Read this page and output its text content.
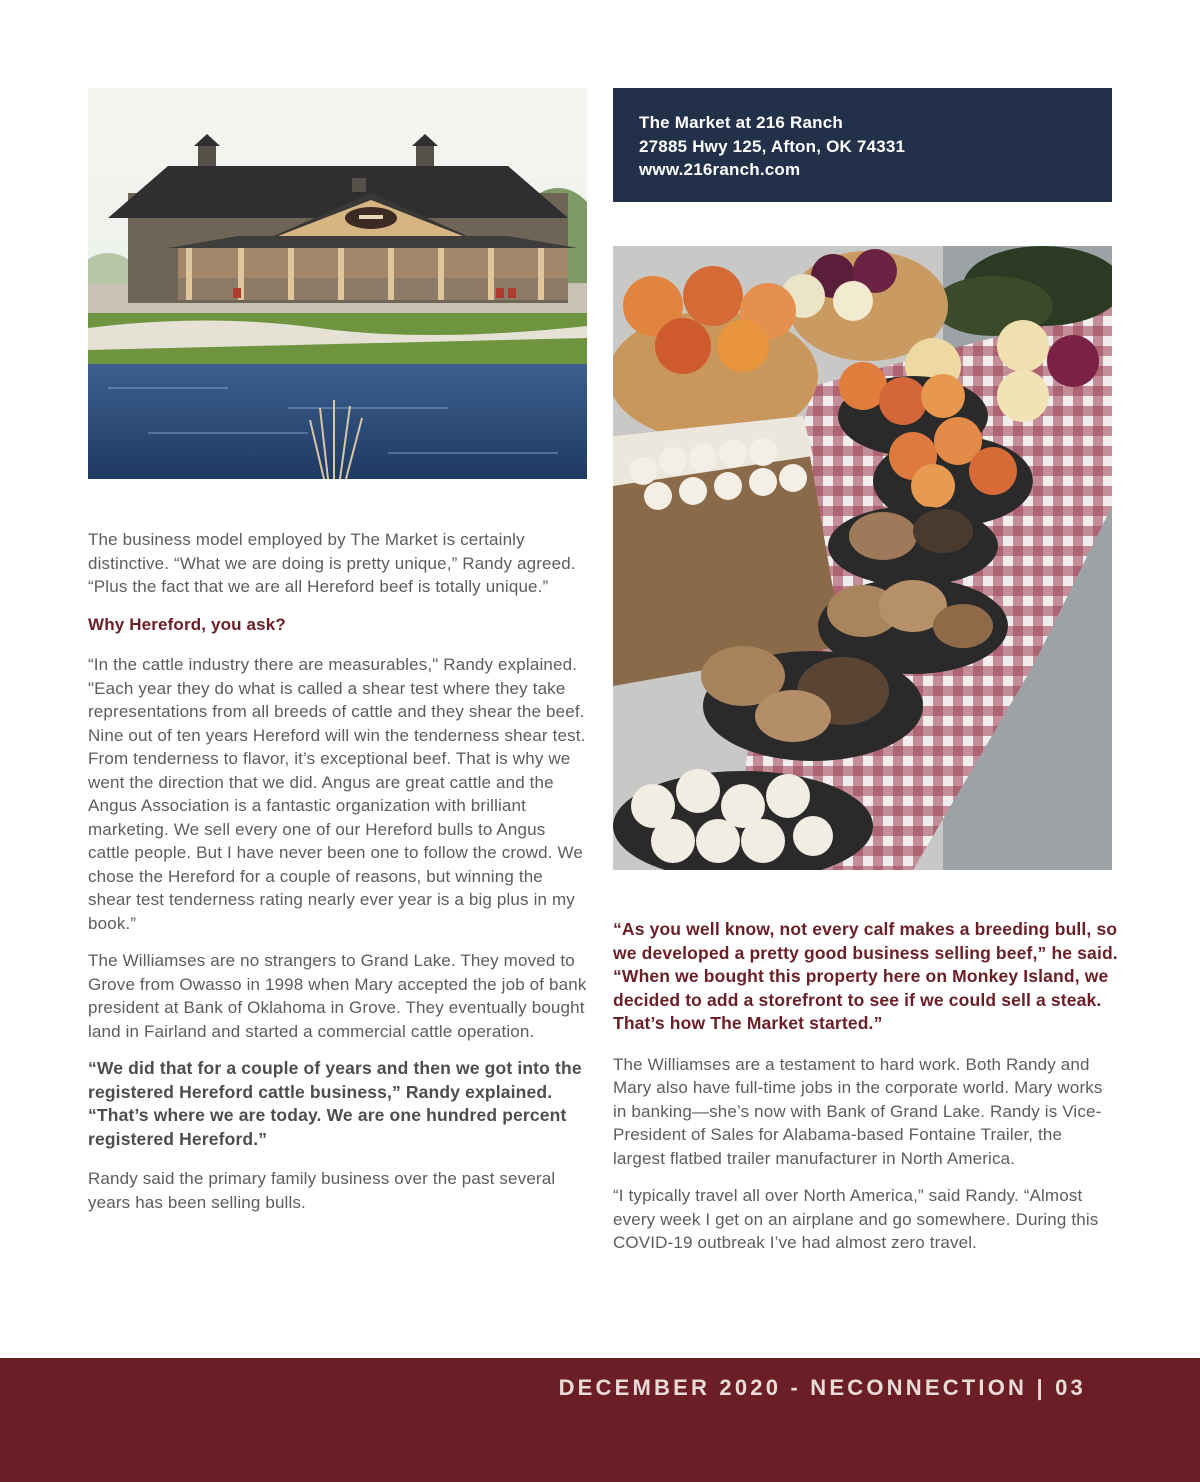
The Market at 216 Ranch
27885 Hwy 125, Afton, OK 74331
www.216ranch.com

The business model employed by The Market is certainly distinctive. “What we are doing is pretty unique,” Randy agreed. “Plus the fact that we are all Hereford beef is totally unique.”

Why Hereford, you ask?

“In the cattle industry there are measurables," Randy explained. "Each year they do what is called a shear test where they take representations from all breeds of cattle and they shear the beef. Nine out of ten years Hereford will win the tenderness shear test. From tenderness to flavor, it’s exceptional beef. That is why we went the direction that we did. Angus are great cattle and the Angus Association is a fantastic organization with brilliant marketing. We sell every one of our Hereford bulls to Angus cattle people. But I have never been one to follow the crowd. We chose the Hereford for a couple of reasons, but winning the shear test tenderness rating nearly ever year is a big plus in my book.”

The Williamses are no strangers to Grand Lake. They moved to Grove from Owasso in 1998 when Mary accepted the job of bank president at Bank of Oklahoma in Grove. They eventually bought land in Fairland and started a commercial cattle operation.

“We did that for a couple of years and then we got into the registered Hereford cattle business,” Randy explained. “That’s where we are today. We are one hundred percent registered Hereford.”

Randy said the primary family business over the past several years has been selling bulls.

“As you well know, not every calf makes a breeding bull, so we developed a pretty good business selling beef,” he said. “When we bought this property here on Monkey Island, we decided to add a storefront to see if we could sell a steak. That’s how The Market started.”

The Williamses are a testament to hard work. Both Randy and Mary also have full-time jobs in the corporate world. Mary works in banking—she’s now with Bank of Grand Lake. Randy is Vice-President of Sales for Alabama-based Fontaine Trailer, the largest flatbed trailer manufacturer in North America.

“I typically travel all over North America,” said Randy. “Almost every week I get on an airplane and go somewhere. During this COVID-19 outbreak I’ve had almost zero travel.

DECEMBER 2020 - NECONNECTION | 03
